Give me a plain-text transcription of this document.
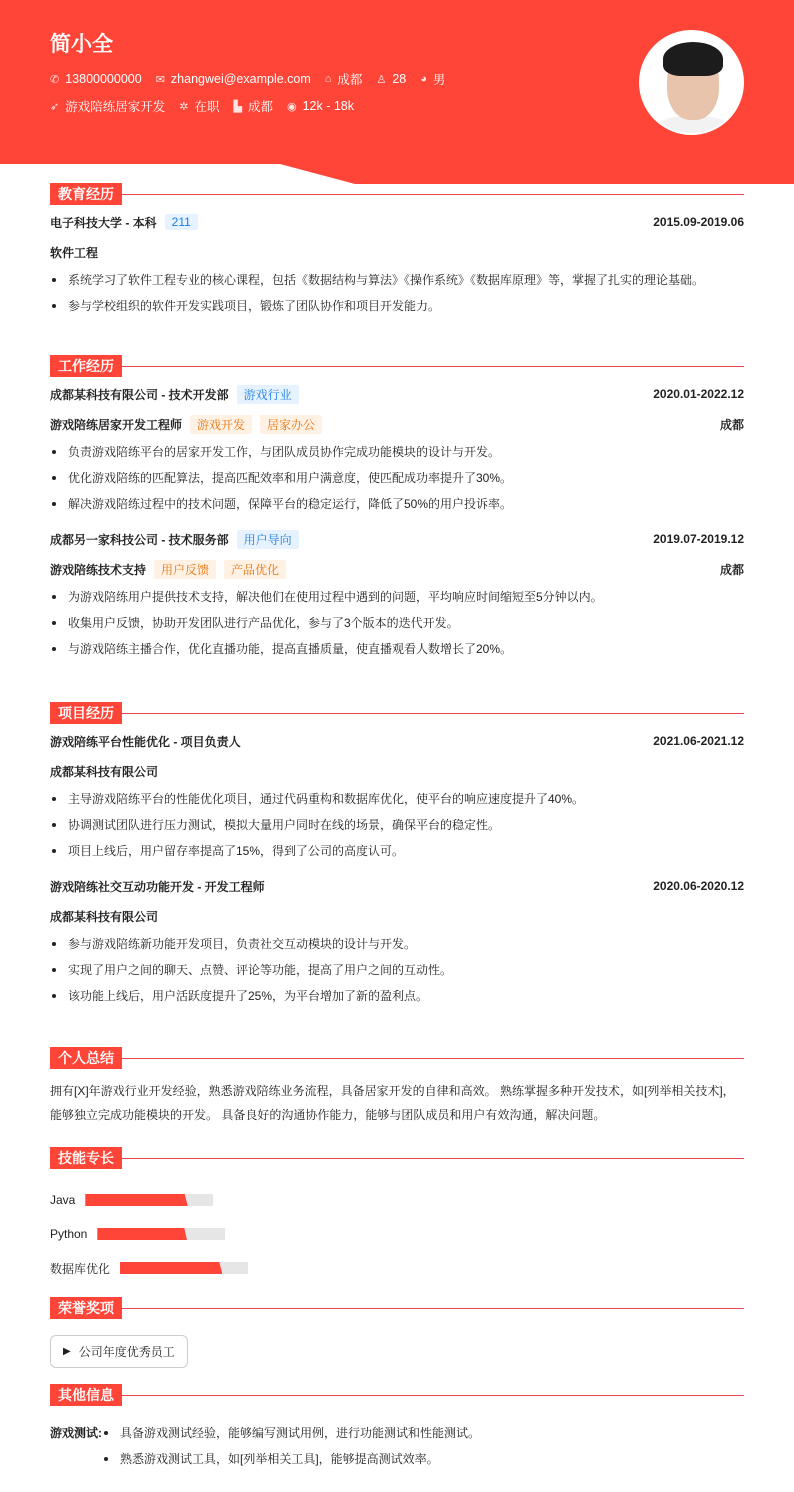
简小全
✆ 13800000000 ✉ zhangwei@example.com ⌂ 成都 ♙ 28 ◕ 男
➶ 游戏陪练居家开发 ✲ 在职 ▙ 成都 ◉ 12k - 18k
教育经历
电子科技大学 - 本科	211	2015.09-2019.06
软件工程
系统学习了软件工程专业的核心课程，包括《数据结构与算法》《操作系统》《数据库原理》等，掌握了扎实的理论基础。
参与学校组织的软件开发实践项目，锻炼了团队协作和项目开发能力。
工作经历
成都某科技有限公司 - 技术开发部	游戏行业	2020.01-2022.12
游戏陪练居家开发工程师	游戏开发	居家办公	成都
负责游戏陪练平台的居家开发工作，与团队成员协作完成功能模块的设计与开发。
优化游戏陪练的匹配算法，提高匹配效率和用户满意度，使匹配成功率提升了30%。
解决游戏陪练过程中的技术问题，保障平台的稳定运行，降低了50%的用户投诉率。
成都另一家科技公司 - 技术服务部	用户导向	2019.07-2019.12
游戏陪练技术支持	用户反馈	产品优化	成都
为游戏陪练用户提供技术支持，解决他们在使用过程中遇到的问题，平均响应时间缩短至5分钟以内。
收集用户反馈，协助开发团队进行产品优化，参与了3个版本的迭代开发。
与游戏陪练主播合作，优化直播功能，提高直播质量，使直播观看人数增长了20%。
项目经历
游戏陪练平台性能优化 - 项目负责人	2021.06-2021.12
成都某科技有限公司
主导游戏陪练平台的性能优化项目，通过代码重构和数据库优化，使平台的响应速度提升了40%。
协调测试团队进行压力测试，模拟大量用户同时在线的场景，确保平台的稳定性。
项目上线后，用户留存率提高了15%，得到了公司的高度认可。
游戏陪练社交互动功能开发 - 开发工程师	2020.06-2020.12
成都某科技有限公司
参与游戏陪练新功能开发项目，负责社交互动模块的设计与开发。
实现了用户之间的聊天、点赞、评论等功能，提高了用户之间的互动性。
该功能上线后，用户活跃度提升了25%，为平台增加了新的盈利点。
个人总结
拥有[X]年游戏行业开发经验，熟悉游戏陪练业务流程，具备居家开发的自律和高效。 熟练掌握多种开发技术，如[列举相关技术]，能够独立完成功能模块的开发。 具备良好的沟通协作能力，能够与团队成员和用户有效沟通，解决问题。
技能专长
Java
Python
数据库优化
荣誉奖项
▶ 公司年度优秀员工
其他信息
游戏测试:	具备游戏测试经验，能够编写测试用例，进行功能测试和性能测试。
熟悉游戏测试工具，如[列举相关工具]，能够提高测试效率。
